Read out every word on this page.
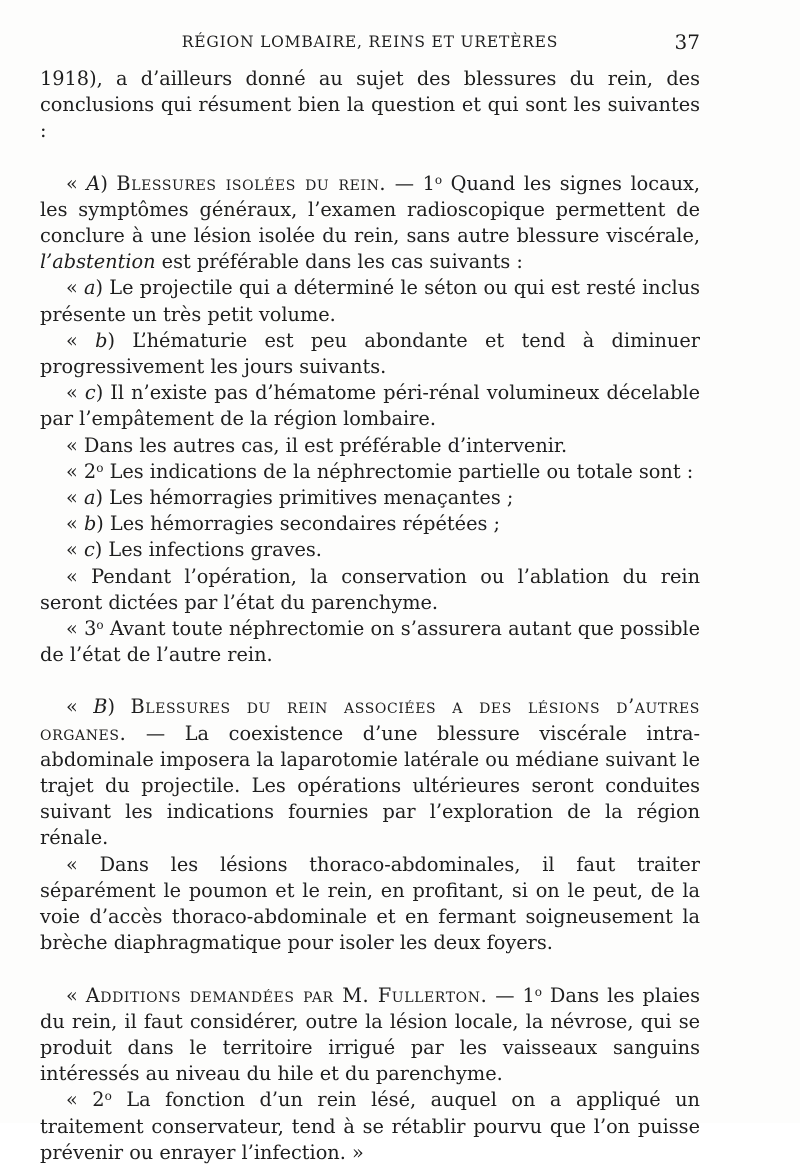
RÉGION LOMBAIRE, REINS ET URETÈRES	37

1918), a d’ailleurs donné au sujet des blessures du rein, des conclusions qui résument bien la question et qui sont les suivantes :

« A) Blessures isolées du rein. — 1$^o$ Quand les signes locaux, les symptômes généraux, l’examen radioscopique permettent de conclure à une lésion isolée du rein, sans autre blessure viscérale, l’abstention est préférable dans les cas suivants :

« a) Le projectile qui a déterminé le séton ou qui est resté inclus présente un très petit volume.

« b) L’hématurie est peu abondante et tend à diminuer progressivement les jours suivants.

« c) Il n’existe pas d’hématome péri-rénal volumineux décelable par l’empâtement de la région lombaire.

« Dans les autres cas, il est préférable d’intervenir.

« 2$^o$ Les indications de la néphrectomie partielle ou totale sont :

« a) Les hémorragies primitives menaçantes ;

« b) Les hémorragies secondaires répétées ;

« c) Les infections graves.

« Pendant l’opération, la conservation ou l’ablation du rein seront dictées par l’état du parenchyme.

« 3$^o$ Avant toute néphrectomie on s’assurera autant que possible de l’état de l’autre rein.

« B) Blessures du rein associées a des lésions d’autres organes. — La coexistence d’une blessure viscérale intra-abdominale imposera la laparotomie latérale ou médiane suivant le trajet du projectile. Les opérations ultérieures seront conduites suivant les indications fournies par l’exploration de la région rénale.

« Dans les lésions thoraco-abdominales, il faut traiter séparément le poumon et le rein, en profitant, si on le peut, de la voie d’accès thoraco-abdominale et en fermant soigneusement la brèche diaphragmatique pour isoler les deux foyers.

« Additions demandées par M. Fullerton. — 1$^o$ Dans les plaies du rein, il faut considérer, outre la lésion locale, la névrose, qui se produit dans le territoire irrigué par les vaisseaux sanguins intéressés au niveau du hile et du parenchyme.

« 2$^o$ La fonction d’un rein lésé, auquel on a appliqué un traitement conservateur, tend à se rétablir pourvu que l’on puisse prévenir ou enrayer l’infection. »
